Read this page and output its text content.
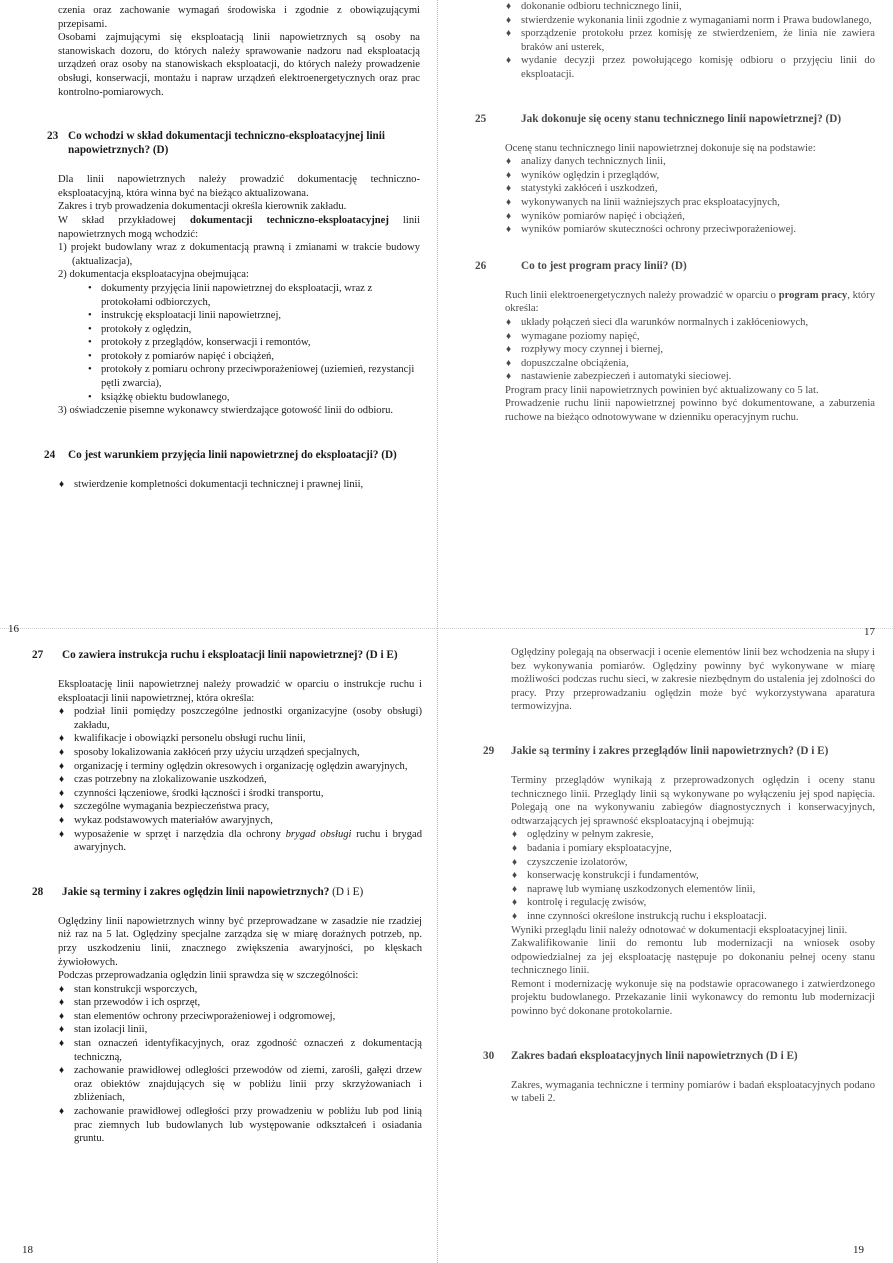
czenia oraz zachowanie wymagań środowiska i zgodnie z obowiązującymi przepisami.

Osobami zajmującymi się eksploatacją linii napowietrznych są osoby na stanowiskach dozoru, do których należy sprawowanie nadzoru nad eksploatacją urządzeń oraz osoby na stanowiskach eksploatacji, do których należy prowadzenie obsługi, konserwacji, montażu i napraw urządzeń elektroenergetycznych oraz prac kontrolno-pomiarowych.

23 Co wchodzi w skład dokumentacji techniczno-eksploatacyjnej linii napowietrznych? (D)

Dla linii napowietrznych należy prowadzić dokumentację techniczno-eksploatacyjną, która winna być na bieżąco aktualizowana.

Zakres i tryb prowadzenia dokumentacji określa kierownik zakładu.

W skład przykładowej dokumentacji techniczno-eksploatacyjnej linii napowietrznych mogą wchodzić:

1) projekt budowlany wraz z dokumentacją prawną i zmianami w trakcie budowy (aktualizacja),

2) dokumentacja eksploatacyjna obejmująca:

• dokumenty przyjęcia linii napowietrznej do eksploatacji, wraz z protokołami odbiorczych,
• instrukcję eksploatacji linii napowietrznej,
• protokoły z oględzin,
• protokoły z przeglądów, konserwacji i remontów,
• protokoły z pomiarów napięć i obciążeń,
• protokoły z pomiaru ochrony przeciwporażeniowej (uziemień, rezystancji pętli zwarcia),
• książkę obiektu budowlanego,

3) oświadczenie pisemne wykonawcy stwierdzające gotowość linii do odbioru.

24 Co jest warunkiem przyjęcia linii napowietrznej do eksploatacji? (D)
♦ stwierdzenie kompletności dokumentacji technicznej i prawnej linii,
16
♦ dokonanie odbioru technicznego linii,
♦ stwierdzenie wykonania linii zgodnie z wymaganiami norm i Prawa budowlanego,
♦ sporządzenie protokołu przez komisję ze stwierdzeniem, że linia nie zawiera braków ani usterek,
♦ wydanie decyzji przez powołującego komisję odbioru o przyjęciu linii do eksploatacji.
25	Jak dokonuje się oceny stanu technicznego linii napowietrznej? (D)

Ocenę stanu technicznego linii napowietrznej dokonuje się na podstawie:

♦ analizy danych technicznych linii,
♦ wyników oględzin i przeglądów,
♦ statystyki zakłóceń i uszkodzeń,
♦ wykonywanych na linii ważniejszych prac eksploatacyjnych,
♦ wyników pomiarów napięć i obciążeń,
♦ wyników pomiarów skuteczności ochrony przeciwporażeniowej.
26	Co to jest program pracy linii? (D)

Ruch linii elektroenergetycznych należy prowadzić w oparciu o program pracy, który określa:

♦ układy połączeń sieci dla warunków normalnych i zakłóceniowych,
♦ wymagane poziomy napięć,
♦ rozpływy mocy czynnej i biernej,
♦ dopuszczalne obciążenia,
♦ nastawienie zabezpieczeń i automatyki sieciowej.

Program pracy linii napowietrznych powinien być aktualizowany co 5 lat.

Prowadzenie ruchu linii napowietrznej powinno być dokumentowane, a zaburzenia ruchowe na bieżąco odnotowywane w dzienniku operacyjnym ruchu.

17
27 Co zawiera instrukcja ruchu i eksploatacji linii napowietrznej? (D i E)

Eksploatację linii napowietrznej należy prowadzić w oparciu o instrukcje ruchu i eksploatacji linii napowietrznej, która określa:

♦ podział linii pomiędzy poszczególne jednostki organizacyjne (osoby obsługi) zakładu,
♦ kwalifikacje i obowiązki personelu obsługi ruchu linii,
♦ sposoby lokalizowania zakłóceń przy użyciu urządzeń specjalnych,
♦ organizację i terminy oględzin okresowych i organizację oględzin awaryjnych,
♦ czas potrzebny na zlokalizowanie uszkodzeń,
♦ czynności łączeniowe, środki łączności i środki transportu,
♦ szczególne wymagania bezpieczeństwa pracy,
♦ wykaz podstawowych materiałów awaryjnych,
♦ wyposażenie w sprzęt i narzędzia dla ochrony brygad obsługi ruchu i brygad awaryjnych.
28 Jakie są terminy i zakres oględzin linii napowietrznych? (D i E)

Oględziny linii napowietrznych winny być przeprowadzane w zasadzie nie rzadziej niż raz na 5 lat. Oględziny specjalne zarządza się w miarę doraźnych potrzeb, np. przy uszkodzeniu linii, znacznego zwiększenia awaryjności, po klęskach żywiołowych.

Podczas przeprowadzania oględzin linii sprawdza się w szczególności:

♦ stan konstrukcji wsporczych,
♦ stan przewodów i ich osprzęt,
♦ stan elementów ochrony przeciwporażeniowej i odgromowej,
♦ stan izolacji linii,
♦ stan oznaczeń identyfikacyjnych, oraz zgodność oznaczeń z dokumentacją techniczną,
♦ zachowanie prawidłowej odległości przewodów od ziemi, zarośli, gałęzi drzew oraz obiektów znajdujących się w pobliżu linii przy skrzyżowaniach i zbliżeniach,
♦ zachowanie prawidłowej odległości przy prowadzeniu w pobliżu lub pod linią prac ziemnych lub budowlanych lub występowanie odkształceń i osiadania gruntu.
18

Oględziny polegają na obserwacji i ocenie elementów linii bez wchodzenia na słupy i bez wykonywania pomiarów. Oględziny powinny być wykonywane w miarę możliwości podczas ruchu sieci, w zakresie niezbędnym do ustalenia jej zdolności do pracy. Przy przeprowadzaniu oględzin może być wykorzystywana aparatura termowizyjna.

29 Jakie są terminy i zakres przeglądów linii napowietrznych? (D i E)

Terminy przeglądów wynikają z przeprowadzonych oględzin i oceny stanu technicznego linii. Przeglądy linii są wykonywane po wyłączeniu jej spod napięcia. Polegają one na wykonywaniu zabiegów diagnostycznych i konserwacyjnych, odtwarzających jej sprawność eksploatacyjną i obejmują:

♦ oględziny w pełnym zakresie,
♦ badania i pomiary eksploatacyjne,
♦ czyszczenie izolatorów,
♦ konserwację konstrukcji i fundamentów,
♦ naprawę lub wymianę uszkodzonych elementów linii,
♦ kontrolę i regulację zwisów,
♦ inne czynności określone instrukcją ruchu i eksploatacji.

Wyniki przeglądu linii należy odnotować w dokumentacji eksploatacyjnej linii.

Zakwalifikowanie linii do remontu lub modernizacji na wniosek osoby odpowiedzialnej za jej eksploatację następuje po dokonaniu pełnej oceny stanu technicznego linii.

Remont i modernizację wykonuje się na podstawie opracowanego i zatwierdzonego projektu budowlanego. Przekazanie linii wykonawcy do remontu lub modernizacji powinno być dokonane protokolarnie.

30 Zakres badań eksploatacyjnych linii napowietrznych (D i E)

Zakres, wymagania techniczne i terminy pomiarów i badań eksploatacyjnych podano w tabeli 2.

19
